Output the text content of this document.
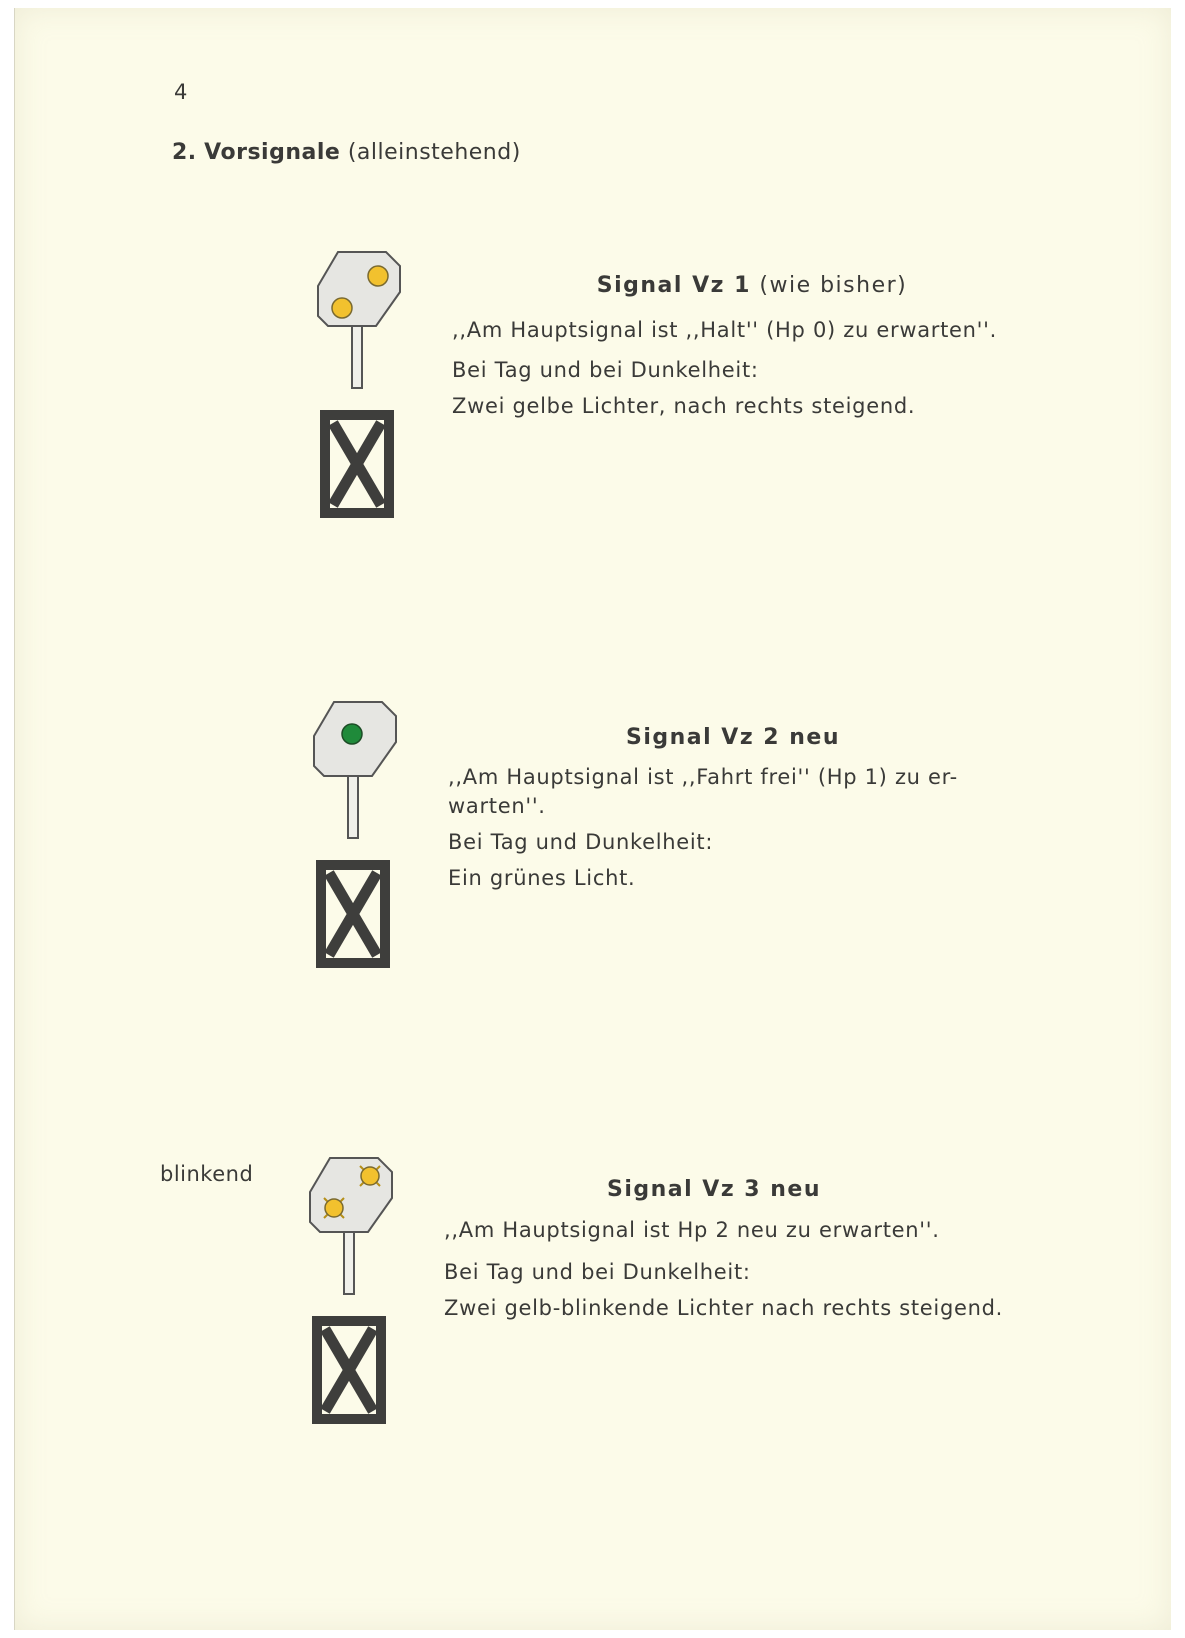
4
2. Vorsignale (alleinstehend)
Signal Vz 1 (wie bisher)

,,Am Hauptsignal ist ,,Halt'' (Hp 0) zu erwarten''.

Bei Tag und bei Dunkelheit:

Zwei gelbe Lichter, nach rechts steigend.

Signal Vz 2 neu

,,Am Hauptsignal ist ,,Fahrt frei'' (Hp 1) zu er-

warten''.

Bei Tag und Dunkelheit:

Ein grünes Licht.

blinkend
Signal Vz 3 neu

,,Am Hauptsignal ist Hp 2 neu zu erwarten''.

Bei Tag und bei Dunkelheit:

Zwei gelb-blinkende Lichter nach rechts steigend.
